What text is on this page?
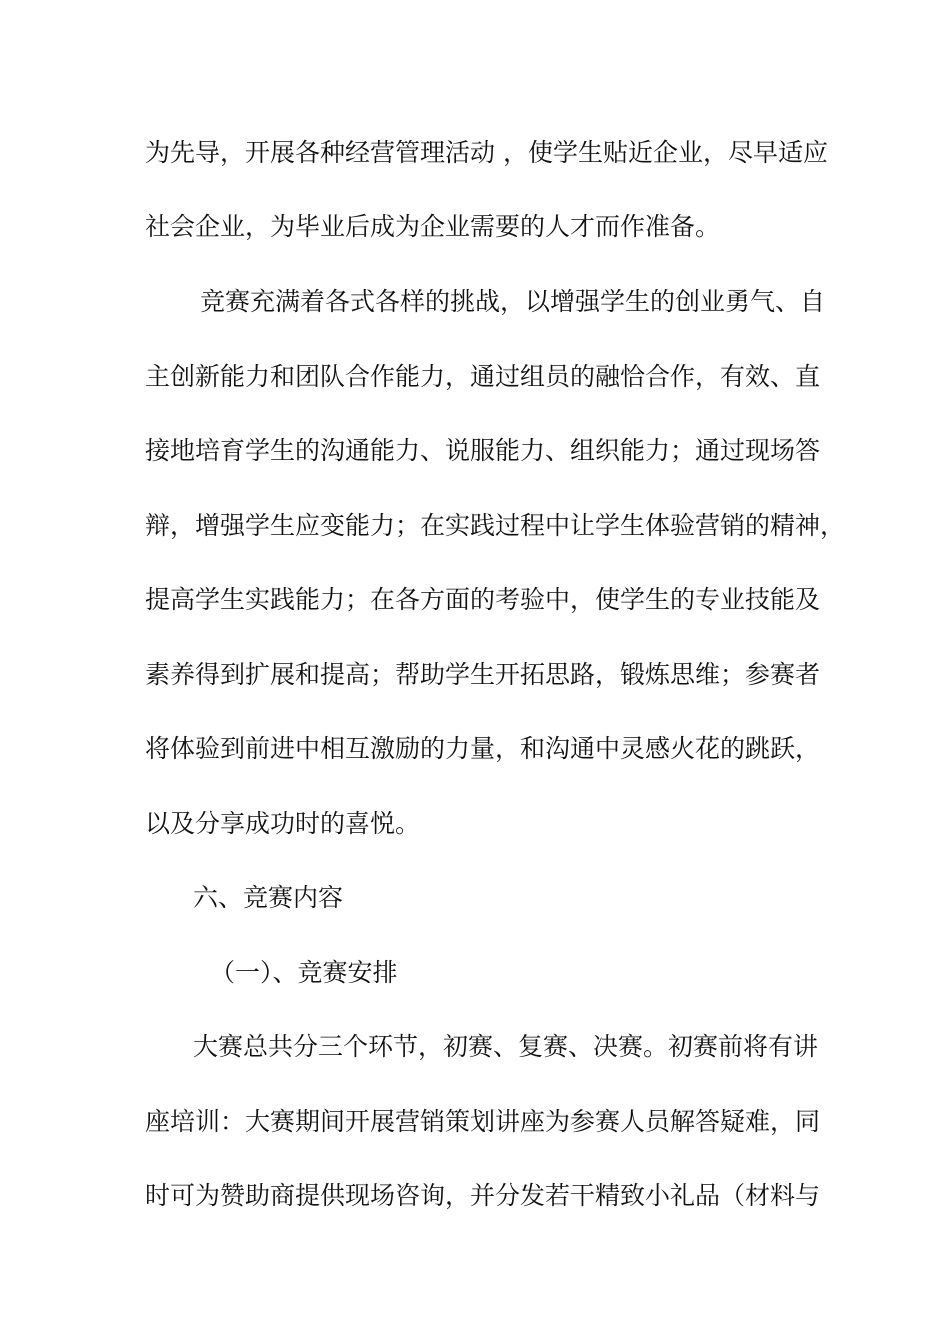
为先导，开展各种经营管理活动 ，使学生贴近企业，尽早适应
社会企业，为毕业后成为企业需要的人才而作准备。
竞赛充满着各式各样的挑战，以增强学生的创业勇气、自
主创新能力和团队合作能力，通过组员的融恰合作，有效、直
接地培育学生的沟通能力、说服能力、组织能力；通过现场答
辩，增强学生应变能力；在实践过程中让学生体验营销的精神，
提高学生实践能力；在各方面的考验中，使学生的专业技能及
素养得到扩展和提高；帮助学生开拓思路，锻炼思维；参赛者
将体验到前进中相互激励的力量，和沟通中灵感火花的跳跃，
以及分享成功时的喜悦。
六、竞赛内容
（一）、竞赛安排
大赛总共分三个环节，初赛、复赛、决赛。初赛前将有讲
座培训：大赛期间开展营销策划讲座为参赛人员解答疑难，同
时可为赞助商提供现场咨询，并分发若干精致小礼品（材料与
